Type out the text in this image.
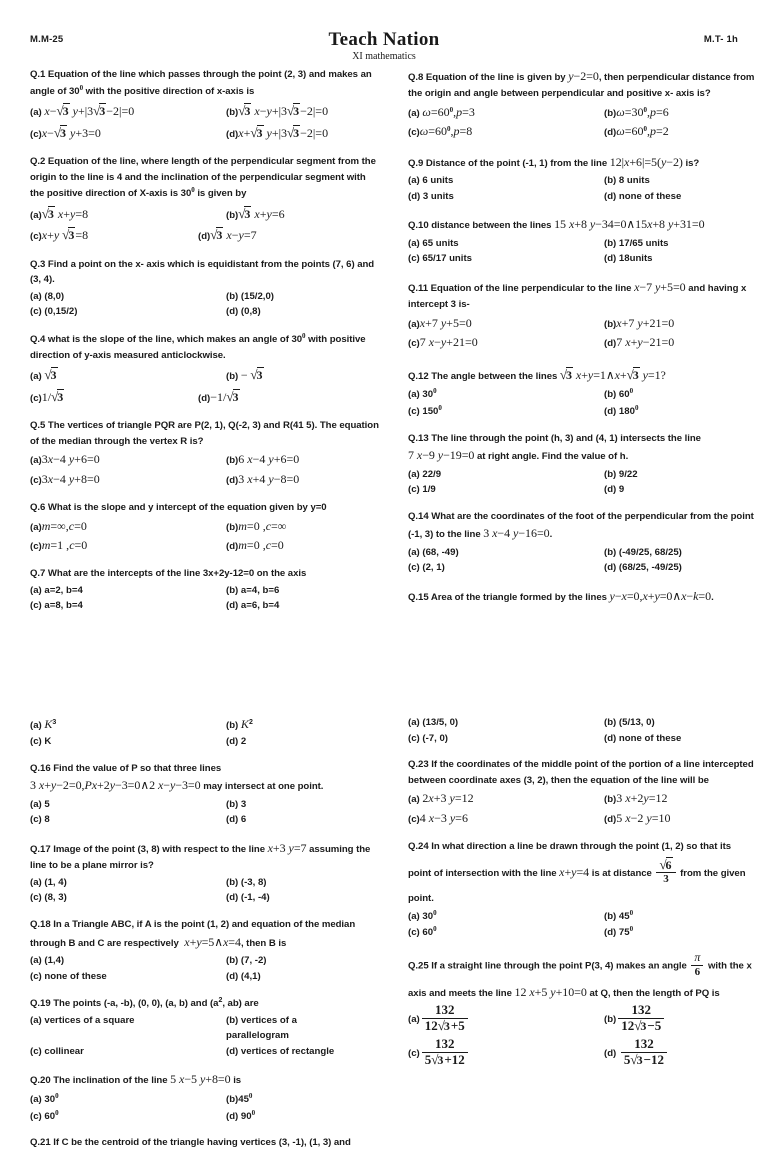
M.M-25	Teach Nation
XI mathematics
M.T- 1h
Q.1 Equation of the line which passes through the point (2, 3) and makes an angle of $30^0$ with the positive direction of x-axis is
(a) x−√3 y+|3√3−2|=0	(b)√3 x−y+|3√3−2|=0
(c)x−√3 y+3=0	(d)x+√3 y+|3√3−2|=0
Q.2 Equation of the line, where length of the perpendicular segment from the origin to the line is 4 and the inclination of the perpendicular segment with the positive direction of X-axis is $30^0$ is given by
(a)√3 x+y=8	(b)√3 x+y=6
(c)x+y √3=8	(d)√3 x−y=7
Q.3 Find a point on the x- axis which is equidistant from the points (7, 6) and (3, 4).
(a) (8,0)	(b) (15/2,0)
(c) (0,15/2)	(d) (0,8)
Q.4 what is the slope of the line, which makes an angle of $30^0$ with positive direction of y-axis measured anticlockwise.
(a) √3	(b) − √3
(c)1/√3	(d)−1/√3
Q.5 The vertices of triangle PQR are P(2, 1), Q(-2, 3) and R(41 5). The equation of the median through the vertex R is?
(a)3x−4 y+6=0	(b)6 x−4 y+6=0
(c)3x−4 y+8=0	(d)3 x+4 y−8=0
Q.6 What is the slope and y intercept of the equation given by y=0
(a)m=∞,c=0	(b)m=0 ,c=∞
(c)m=1 ,c=0	(d)m=0 ,c=0
Q.7 What are the intercepts of the line 3x+2y-12=0 on the axis
(a) a=2, b=4	(b) a=4, b=6
(c) a=8, b=4	(d) a=6, b=4
Q.8 Equation of the line is given by y−2=0, then perpendicular distance from the origin and angle between perpendicular and positive x- axis is?
(a) $\omega=60^0,p=3$	$(b)\omega=30^0,p=6$
$(c)\omega=60^0,p=8$	$(d)\omega=60^0,p=2$
Q.9 Distance of the point (-1, 1) from the line 12|x+6|=5(y−2) is?
(a) 6 units	(b) 8 units
(d) 3 units	(d) none of these
Q.10 distance between the lines 15 x+8 y−34=0∧15x+8 y+31=0
(a) 65 units	(b) 17/65 units
(c) 65/17 units	(d) 18units
Q.11 Equation of the line perpendicular to the line x−7 y+5=0 and having x intercept 3 is-
(a)x+7 y+5=0	(b)x+7 y+21=0
(c)7 x−y+21=0	(d)7 x+y−21=0
Q.12 The angle between the lines √3 x+y=1∧x+√3 y=1?
(a) $30^0$	(b) $60^0$
(c) $150^0$	(d) $180^0$
Q.13 The line through the point (h, 3) and (4, 1) intersects the line 7 x−9 y−19=0 at right angle. Find the value of h.
(a) 22/9	(b) 9/22
(c) 1/9	(d) 9
Q.14 What are the coordinates of the foot of the perpendicular from the point (-1, 3) to the line 3 x−4 y−16=0.
(a) (68, -49)	(b) (-49/25, 68/25)
(c) (2, 1)	(d) (68/25, -49/25)
Q.15 Area of the triangle formed by the lines y−x=0,x+y=0∧x−k=0.
(a) $K^3$	(b) $K^2$
(c) K	(d) 2
Q.16 Find the value of P so that three lines
3 x+y−2=0,Px+2y−3=0∧2 x−y−3=0 may intersect at one point.
(a) 5	(b) 3
(c) 8	(d) 6
Q.17 Image of the point (3, 8) with respect to the line x+3 y=7 assuming the line to be a plane mirror is?
(a) (1, 4)	(b) (-3, 8)
(c) (8, 3)	(d) (-1, -4)
Q.18 In a Triangle ABC, if A is the point (1, 2) and equation of the median through B and C are respectively  x+y=5∧x=4, then B is
(a) (1,4)	(b) (7, -2)
(c) none of these	(d) (4,1)
Q.19 The points (-a, -b), (0, 0), (a, b) and ($a^2$, ab) are
(a) vertices of a square	(b) vertices of a
parallelogram
(c) collinear	(d) vertices of rectangle
Q.20 The inclination of the line 5 x−5 y+8=0 is
(a) $30^0$	$(b)45^0$
(c) $60^0$	(d) $90^0$
Q.21 If C be the centroid of the triangle having vertices (3, -1), (1, 3) and
(a) (13/5, 0)	(b) (5/13, 0)
(c) (-7, 0)	(d) none of these
Q.23 If the coordinates of the middle point of the portion of a line intercepted between coordinate axes (3, 2), then the equation of the line will be
(a) 2x+3 y=12	(b)3 x+2y=12
(c)4 x−3 y=6	(d)5 x−2 y=10
Q.24 In what direction a line be drawn through the point (1, 2) so that its
point of intersection with the line x+y=4 is at distance $\frac{√6}{3}$ from the given
point.
(a) $30^0$	(b) $45^0$
(c) $60^0$	(d) $75^0$
Q.25 If a straight line through the point P(3, 4) makes an angle $\frac{\pi}{6}$ with the x
axis and meets the line 12 x+5 y+10=0 at Q, then the length of PQ is
$(a) \frac{132}{12√3+5}$	$(b) \frac{132}{12√3-5}$
$(c) \frac{132}{5√3+12}$	$(d) \frac{132}{5√3-12}$
